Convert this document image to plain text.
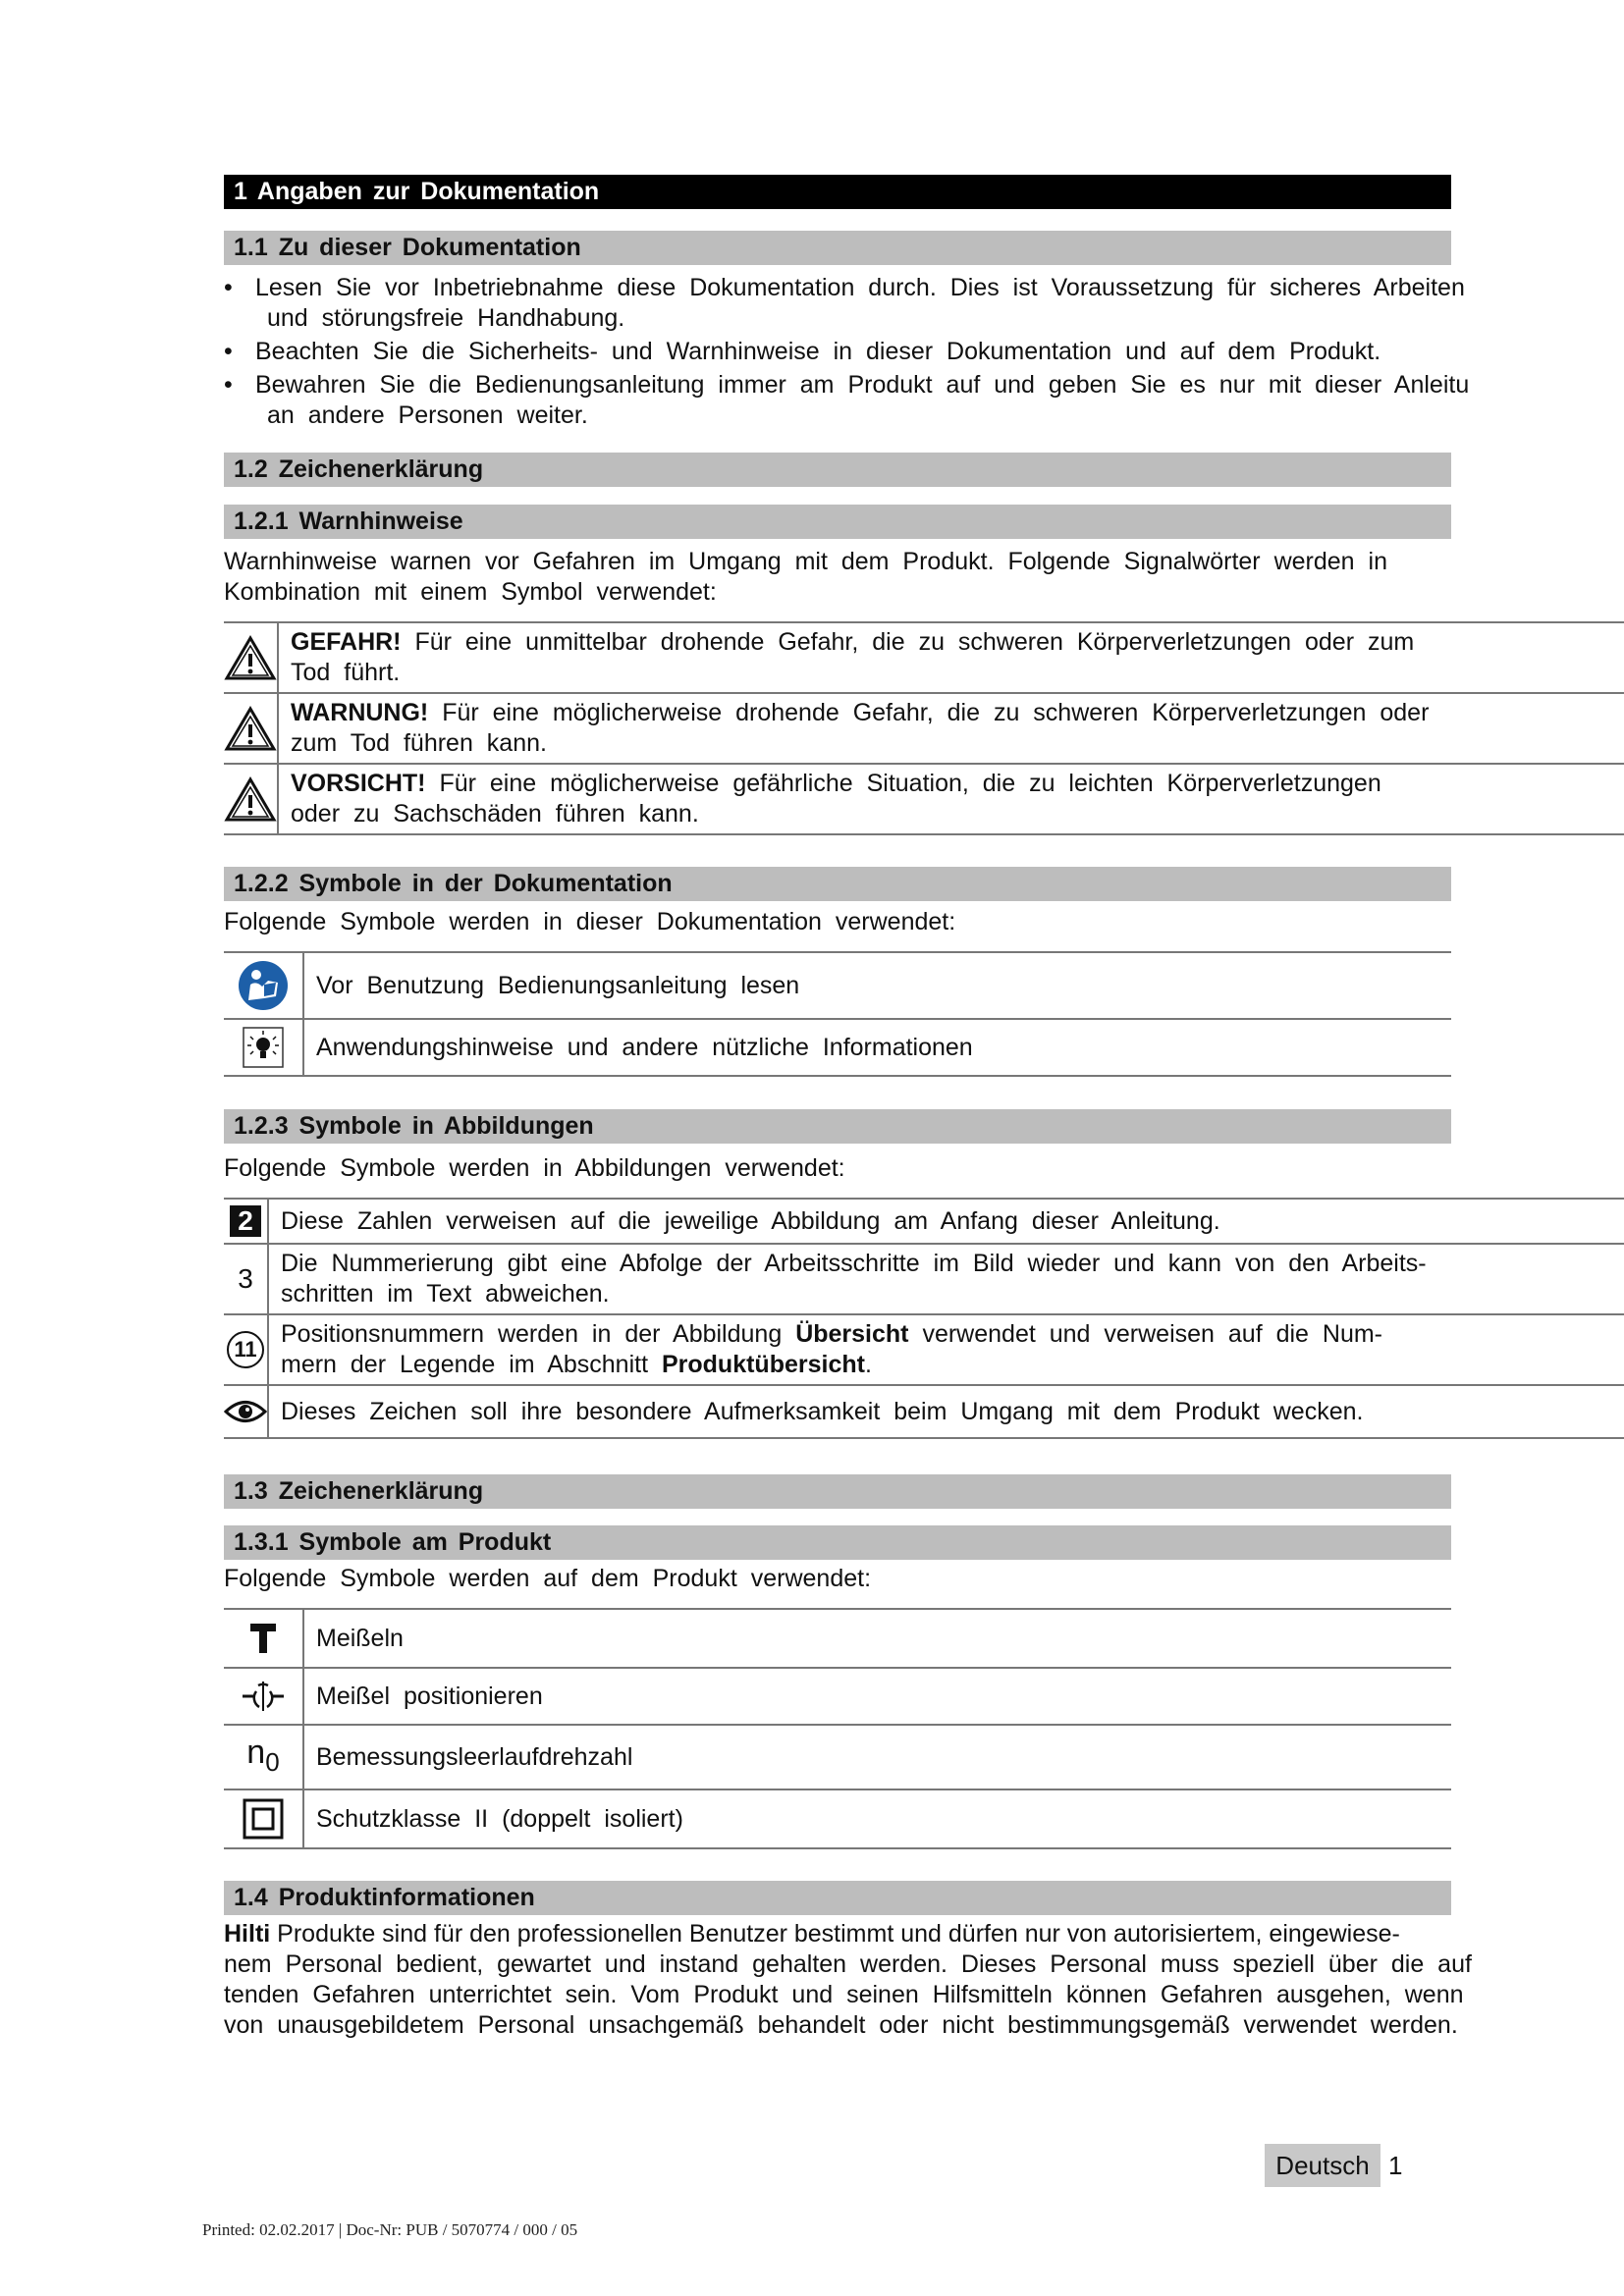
1 Angaben zur Dokumentation
1.1 Zu dieser Dokumentation
• Lesen Sie vor Inbetriebnahme diese Dokumentation durch. Dies ist Voraussetzung für sicheres Arbeiten
und störungsfreie Handhabung.
• Beachten Sie die Sicherheits- und Warnhinweise in dieser Dokumentation und auf dem Produkt.
• Bewahren Sie die Bedienungsanleitung immer am Produkt auf und geben Sie es nur mit dieser Anleitu
an andere Personen weiter.
1.2 Zeichenerklärung
1.2.1 Warnhinweise
Warnhinweise warnen vor Gefahren im Umgang mit dem Produkt. Folgende Signalwörter werden in
Kombination mit einem Symbol verwendet:

GEFAHR! Für eine unmittelbar drohende Gefahr, die zu schweren Körperverletzungen oder zum
Tod führt.

WARNUNG! Für eine möglicherweise drohende Gefahr, die zu schweren Körperverletzungen oder
zum Tod führen kann.

VORSICHT! Für eine möglicherweise gefährliche Situation, die zu leichten Körperverletzungen
oder zu Sachschäden führen kann.
1.2.2 Symbole in der Dokumentation
Folgende Symbole werden in dieser Dokumentation verwendet:
	Vor Benutzung Bedienungsanleitung lesen

	Anwendungshinweise und andere nützliche Informationen
1.2.3 Symbole in Abbildungen
Folgende Symbole werden in Abbildungen verwendet:
2	Diese Zahlen verweisen auf die jeweilige Abbildung am Anfang dieser Anleitung.
3	Die Nummerierung gibt eine Abfolge der Arbeitsschritte im Bild wieder und kann von den Arbeits-
schritten im Text abweichen.

11	Positionsnummern werden in der Abbildung Übersicht verwendet und verweisen auf die Num-
mern der Legende im Abschnitt Produktübersicht.

	Dieses Zeichen soll ihre besondere Aufmerksamkeit beim Umgang mit dem Produkt wecken.
1.3 Zeichenerklärung
1.3.1 Symbole am Produkt
Folgende Symbole werden auf dem Produkt verwendet:
	Meißeln

	Meißel positionieren
$n_0$	Bemessungsleerlaufdrehzahl

	Schutzklasse II (doppelt isoliert)
1.4 Produktinformationen
Hilti Produkte sind für den professionellen Benutzer bestimmt und dürfen nur von autorisiertem, eingewiese-
nem Personal bedient, gewartet und instand gehalten werden. Dieses Personal muss speziell über die auf
tenden Gefahren unterrichtet sein. Vom Produkt und seinen Hilfsmitteln können Gefahren ausgehen, wenn
von unausgebildetem Personal unsachgemäß behandelt oder nicht bestimmungsgemäß verwendet werden.
Deutsch 1
Printed: 02.02.2017 | Doc-Nr: PUB / 5070774 / 000 / 05
